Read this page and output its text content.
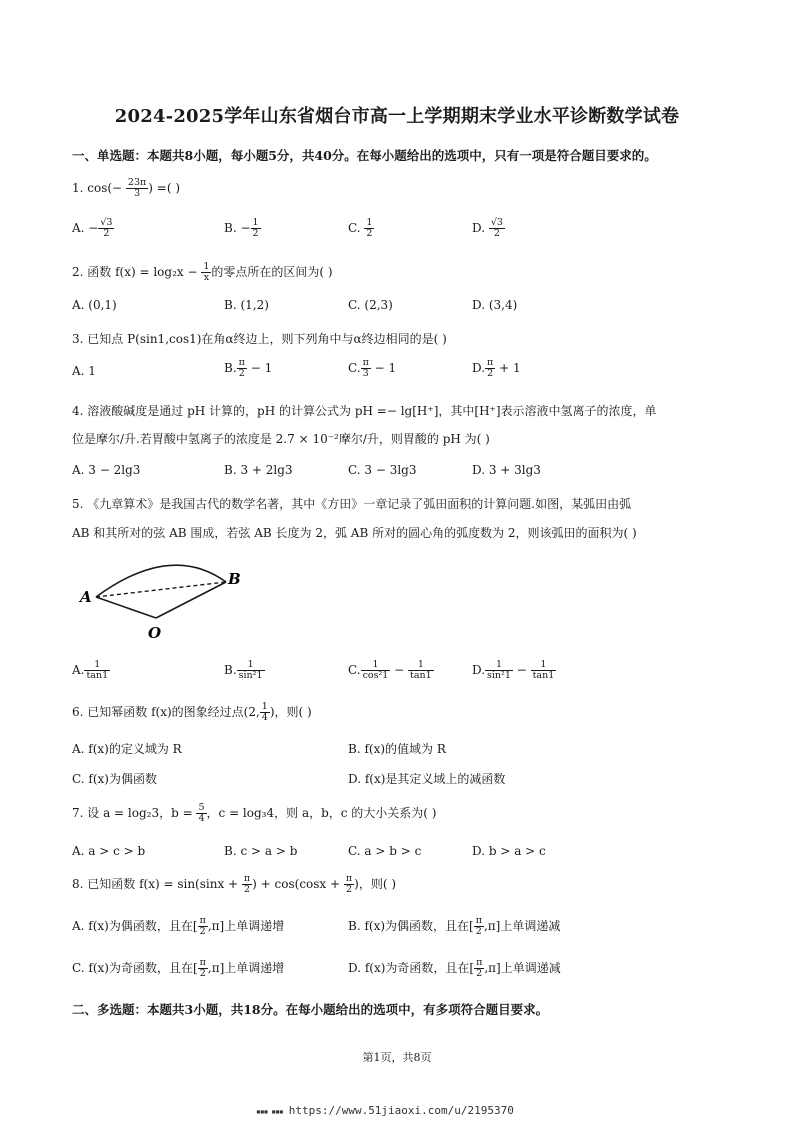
2024-2025学年山东省烟台市高一上学期期末学业水平诊断数学试卷
一、单选题：本题共8小题，每小题5分，共40分。在每小题给出的选项中，只有一项是符合题目要求的。
1. $\cos(- \frac{23\pi}{3}$ ) =( )
A. − $\frac{√3}{2}$	B. − $\frac{1}{2}$	C. $\frac{1}{2}$	D. $\frac{√3}{2}$
2. 函数 $f(x) = \log_2x - \frac{1}{x}$ 的零点所在的区间为( )
A. (0,1)	B. (1,2)	C. (2,3)	D. (3,4)
3. 已知点 P(sin1,cos1)在角α终边上，则下列角中与α终边相同的是( )
A. 1	B. $\frac{\pi}{2} - 1$	C. $\frac{\pi}{3} - 1$	D. $\frac{\pi}{2} + 1$
4. 溶液酸碱度是通过 pH 计算的，pH 的计算公式为 pH =− lg[H⁺]，其中[H⁺]表示溶液中氢离子的浓度，单
位是摩尔/升.若胃酸中氢离子的浓度是 2.7 × 10⁻²摩尔/升，则胃酸的 pH 为( )
A. 3 − 2lg3	B. 3 + 2lg3	C. 3 − 3lg3	D. 3 + 3lg3
5. 《九章算术》是我国古代的数学名著，其中《方田》一章记录了弧田面积的计算问题.如图，某弧田由弧
AB 和其所对的弦 AB 围成，若弦 AB 长度为 2，弧 AB 所对的圆心角的弧度数为 2，则该弧田的面积为( )
A
B
O
A. $\frac{1}{\tan 1}$	B. $\frac{1}{\text{sin²1}}$	C. $\frac{1}{\text{cos²1}} - \frac{1}{\tan 1}$	D. $\frac{1}{\text{sin²1}} - \frac{1}{\tan 1}$
6. 已知幂函数 f(x)的图象经过点(2, $\frac{1}{4}$ )，则( )
A. f(x)的定义域为 R	B. f(x)的值域为 R
C. f(x)为偶函数	D. f(x)是其定义域上的减函数
7. 设 a = log₂3，$b = \frac{5}{4}$ ，c = log₃4，则 a，b，c 的大小关系为( )
A. a > c > b	B. c > a > b	C. a > b > c	D. b > a > c
8. 已知函数 $f(x) = \sin(\sin x + \frac{\pi}{2}$ ) + $\cos(\cos x + \frac{\pi}{2}$ )，则( )
A. f(x)为偶函数，且在[ $\frac{\pi}{2} ,\pi$]上单调递增	B. f(x)为偶函数，且在[ $\frac{\pi}{2} ,\pi$]上单调递减
C. f(x)为奇函数，且在[ $\frac{\pi}{2} ,\pi$]上单调递增	D. f(x)为奇函数，且在[ $\frac{\pi}{2} ,\pi$]上单调递减
二、多选题：本题共3小题，共18分。在每小题给出的选项中，有多项符合题目要求。
第1页，共8页
▪▪▪ ▪▪▪ https://www.51jiaoxi.com/u/2195370
